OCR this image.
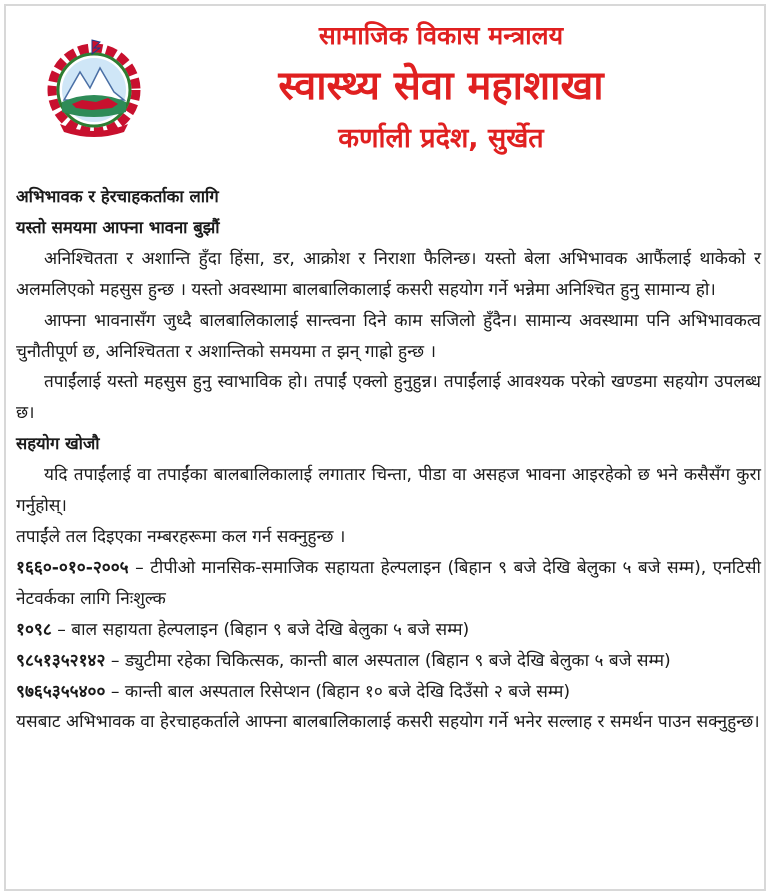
सामाजिक विकास मन्त्रालय
स्वास्थ्य सेवा महाशाखा
कर्णाली प्रदेश, सुर्खेत

अभिभावक र हेरचाहकर्ताका लागि

यस्तो समयमा आफ्ना भावना बुझौं

अनिश्चितता र अशान्ति हुँदा हिंसा, डर, आक्रोश र निराशा फैलिन्छ। यस्तो बेला अभिभावक आफैंलाई थाकेको र अलमलिएको महसुस हुन्छ । यस्तो अवस्थामा बालबालिकालाई कसरी सहयोग गर्ने भन्नेमा अनिश्चित हुनु सामान्य हो।

आफ्ना भावनासँग जुध्दै बालबालिकालाई सान्त्वना दिने काम सजिलो हुँदैन। सामान्य अवस्थामा पनि अभिभावकत्व चुनौतीपूर्ण छ, अनिश्चितता र अशान्तिको समयमा त झन् गाह्रो हुन्छ ।

तपाईंलाई यस्तो महसुस हुनु स्वाभाविक हो। तपाईं एक्लो हुनुहुन्न। तपाईंलाई आवश्यक परेको खण्डमा सहयोग उपलब्ध छ।

सहयोग खोजौ

यदि तपाईंलाई वा तपाईंका बालबालिकालाई लगातार चिन्ता, पीडा वा असहज भावना आइरहेको छ भने कसैसँग कुरा गर्नुहोस्।

तपाईंले तल दिइएका नम्बरहरूमा कल गर्न सक्नुहुन्छ ।

१६६०-०१०-२००५ – टीपीओ मानसिक-समाजिक सहायता हेल्पलाइन (बिहान ९ बजे देखि बेलुका ५ बजे सम्म), एनटिसी नेटवर्कका लागि निःशुल्क

१०९८ – बाल सहायता हेल्पलाइन (बिहान ९ बजे देखि बेलुका ५ बजे सम्म)

९८५१३५२१४२ – ड्युटीमा रहेका चिकित्सक, कान्ती बाल अस्पताल (बिहान ९ बजे देखि बेलुका ५ बजे सम्म)

९७६५३५५४०० – कान्ती बाल अस्पताल रिसेप्शन (बिहान १० बजे देखि दिउँसो २ बजे सम्म)

यसबाट अभिभावक वा हेरचाहकर्ताले आफ्ना बालबालिकालाई कसरी सहयोग गर्ने भनेर सल्लाह र समर्थन पाउन सक्नुहुन्छ।
